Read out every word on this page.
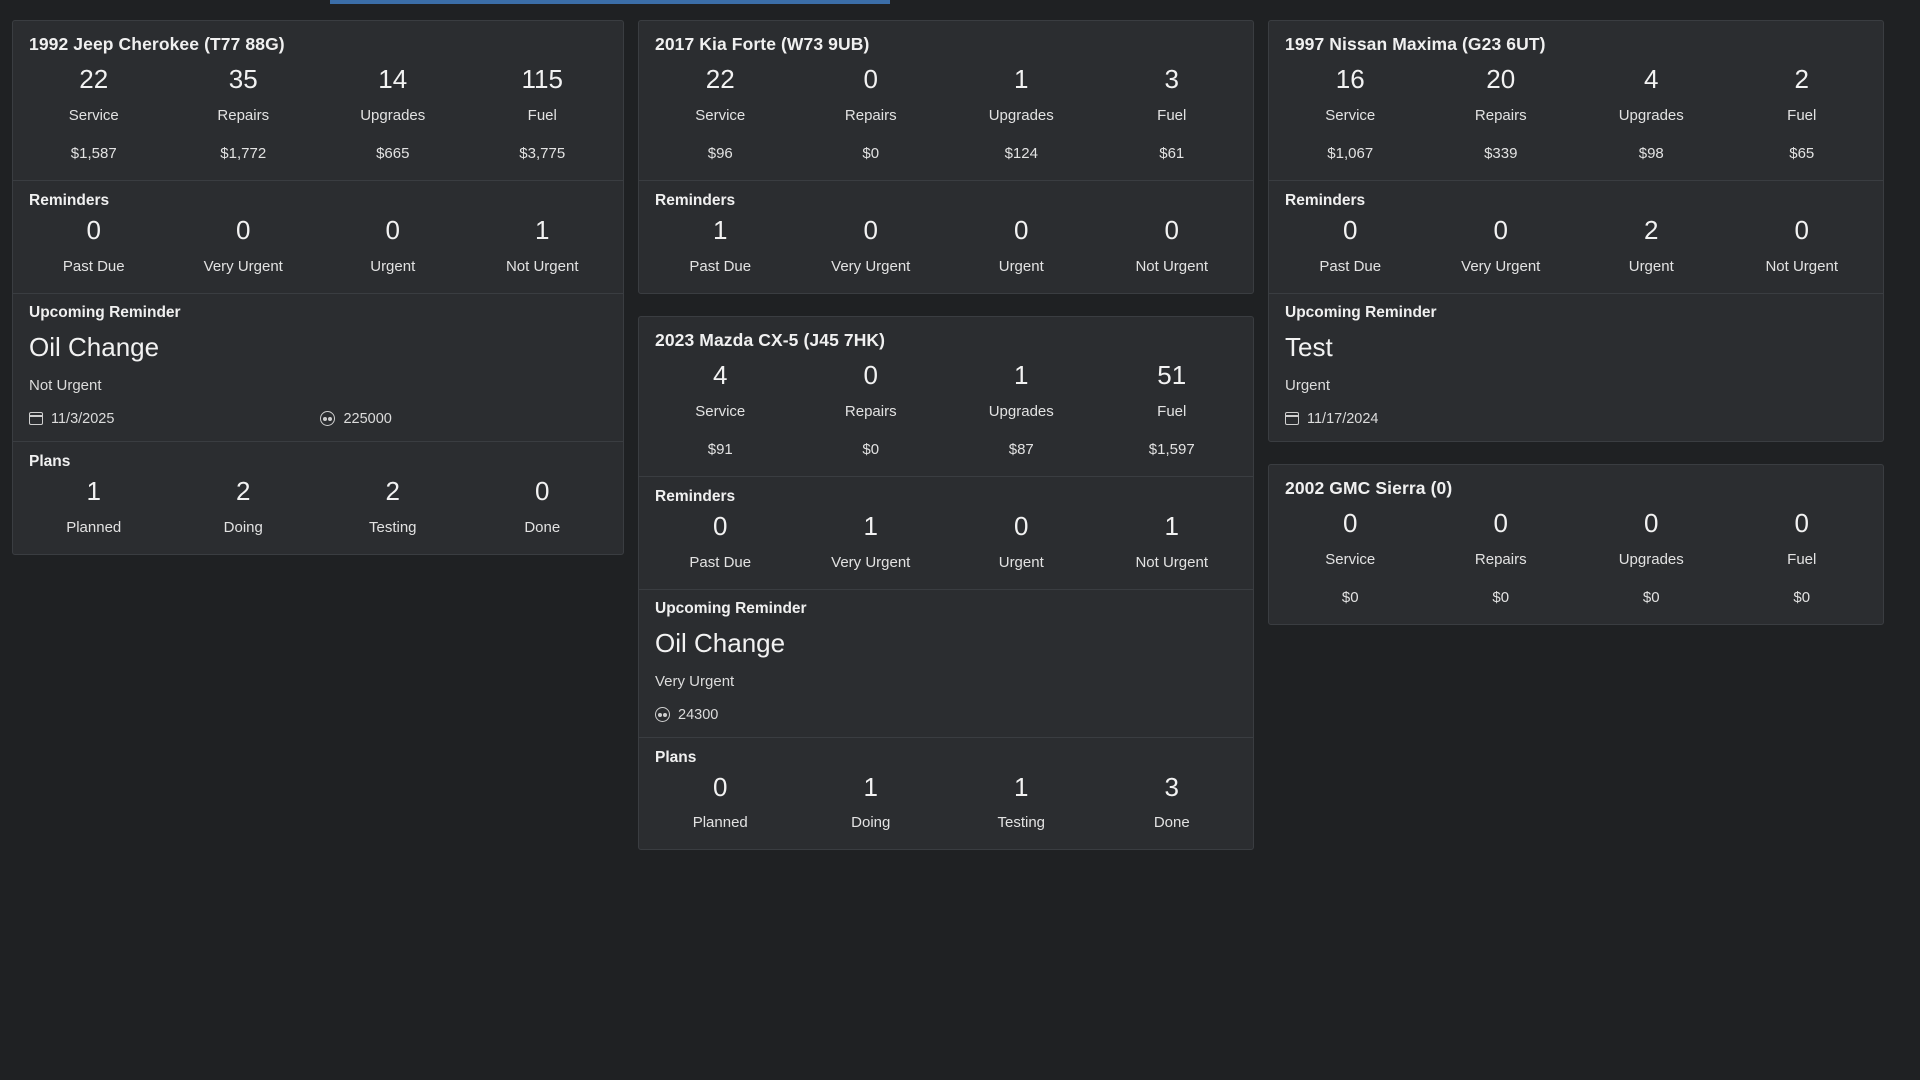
1992 Jeep Cherokee (T77 88G)
22
Service
$1,587
35
Repairs
$1,772
14
Upgrades
$665
115
Fuel
$3,775
Reminders
0
Past Due
0
Very Urgent
0
Urgent
1
Not Urgent
Upcoming Reminder
Oil Change
Not Urgent
11/3/2025	225000
Plans
1
Planned
2
Doing
2
Testing
0
Done
2017 Kia Forte (W73 9UB)
22
Service
$96
0
Repairs
$0
1
Upgrades
$124
3
Fuel
$61
Reminders
1
Past Due
0
Very Urgent
0
Urgent
0
Not Urgent
2023 Mazda CX-5 (J45 7HK)
4
Service
$91
0
Repairs
$0
1
Upgrades
$87
51
Fuel
$1,597
Reminders
0
Past Due
1
Very Urgent
0
Urgent
1
Not Urgent
Upcoming Reminder
Oil Change
Very Urgent
24300
Plans
0
Planned
1
Doing
1
Testing
3
Done
1997 Nissan Maxima (G23 6UT)
16
Service
$1,067
20
Repairs
$339
4
Upgrades
$98
2
Fuel
$65
Reminders
0
Past Due
0
Very Urgent
2
Urgent
0
Not Urgent
Upcoming Reminder
Test
Urgent
11/17/2024
2002 GMC Sierra (0)
0
Service
$0
0
Repairs
$0
0
Upgrades
$0
0
Fuel
$0
